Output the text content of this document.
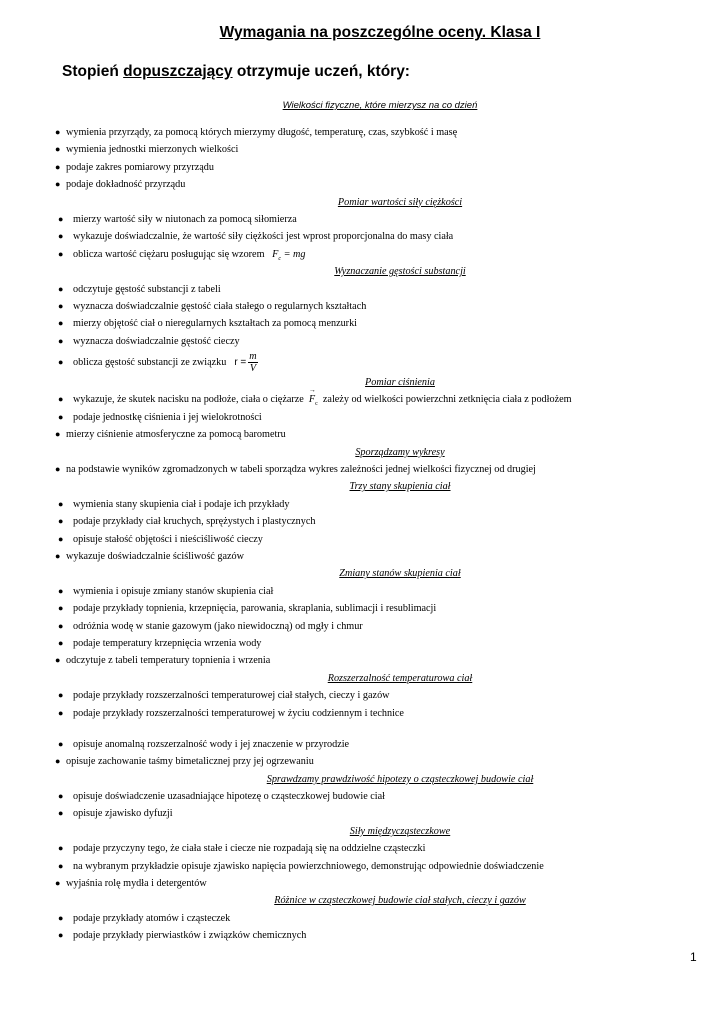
Wymagania na poszczególne oceny. Klasa I

Stopień dopuszczający otrzymuje uczeń, który:

Wielkości fizyczne, które mierzysz na co dzień

● wymienia przyrządy, za pomocą których mierzymy długość, temperaturę, czas, szybkość i masę
● wymienia jednostki mierzonych wielkości
● podaje zakres pomiarowy przyrządu
● podaje dokładność przyrządu
Pomiar wartości siły ciężkości
● mierzy wartość siły w niutonach za pomocą siłomierza
● wykazuje doświadczalnie, że wartość siły ciężkości jest wprost proporcjonalna do masy ciała
● oblicza wartość ciężaru posługując się wzorem $F_c$ = mg
Wyznaczanie gęstości substancji
● odczytuje gęstość substancji z tabeli
● wyznacza doświadczalnie gęstość ciała stałego o regularnych kształtach
● mierzy objętość ciał o nieregularnych kształtach za pomocą menzurki
● wyznacza doświadczalnie gęstość cieczy
● oblicza gęstość substancji ze związku $r = \frac{m}{V}$
Pomiar ciśnienia
● wykazuje, że skutek nacisku na podłoże, ciała o ciężarze  → $F_c$ zależy od wielkości powierzchni zetknięcia ciała z podłożem
● podaje jednostkę ciśnienia i jej wielokrotności
● mierzy ciśnienie atmosferyczne za pomocą barometru
Sporządzamy wykresy
● na podstawie wyników zgromadzonych w tabeli sporządza wykres zależności jednej wielkości fizycznej od drugiej
Trzy stany skupienia ciał
● wymienia stany skupienia ciał i podaje ich przykłady
● podaje przykłady ciał kruchych, sprężystych i plastycznych
● opisuje stałość objętości i nieściśliwość cieczy
● wykazuje doświadczalnie ściśliwość gazów
Zmiany stanów skupienia ciał
● wymienia i opisuje zmiany stanów skupienia ciał
● podaje przykłady topnienia, krzepnięcia, parowania, skraplania, sublimacji i resublimacji
● odróżnia wodę w stanie gazowym (jako niewidoczną) od mgły i chmur
● podaje temperatury krzepnięcia wrzenia wody
● odczytuje z tabeli temperatury topnienia i wrzenia
Rozszerzalność temperaturowa ciał
● podaje przykłady rozszerzalności temperaturowej ciał stałych, cieczy i gazów
● podaje przykłady rozszerzalności temperaturowej w życiu codziennym i technice
● opisuje anomalną rozszerzalność wody i jej znaczenie w przyrodzie
● opisuje zachowanie taśmy bimetalicznej przy jej ogrzewaniu
Sprawdzamy prawdziwość hipotezy o cząsteczkowej budowie ciał
● opisuje doświadczenie uzasadniające hipotezę o cząsteczkowej budowie ciał
● opisuje zjawisko dyfuzji
Siły międzycząsteczkowe
● podaje przyczyny tego, że ciała stałe i ciecze nie rozpadają się na oddzielne cząsteczki
● na wybranym przykładzie opisuje zjawisko napięcia powierzchniowego, demonstrując odpowiednie doświadczenie
● wyjaśnia rolę mydła i detergentów
Różnice w cząsteczkowej budowie ciał stałych, cieczy i gazów
● podaje przykłady atomów i cząsteczek
● podaje przykłady pierwiastków i związków chemicznych
1
